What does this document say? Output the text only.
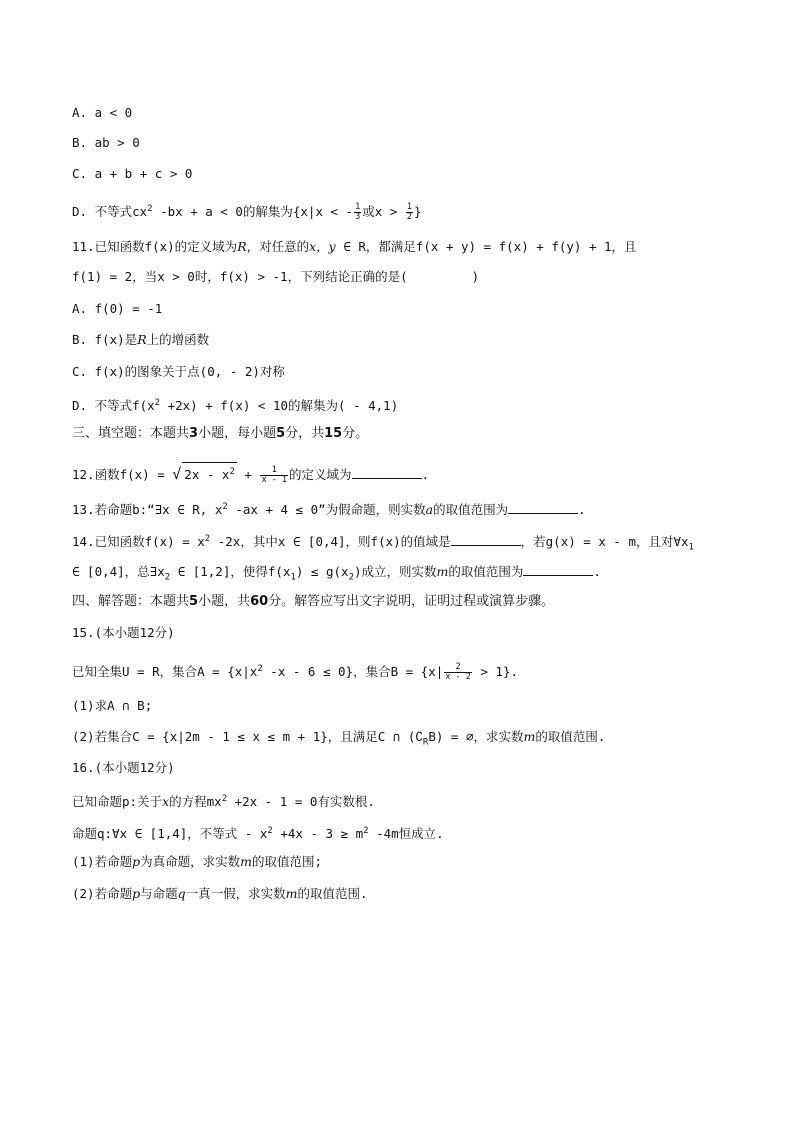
A. a < 0
B. ab > 0
C. a + b + c > 0
D. 不等式$cx^2$ -bx + a < 0的解集为{x|x < - $\frac{1}{3}$ 或$x > \frac{1}{2}$ }
11.已知函数f(x)的定义域为R，对任意的x，y ∈ R，都满足f(x + y) = f(x) + f(y) + 1，且
f(1) = 2，当x > 0时，f(x) > -1，下列结论正确的是(	)
A. f(0) = -1
B. f(x)是R上的增函数
C. f(x)的图象关于点(0, - 2)对称
D. 不等式$f(x^2 +2x) + f(x) < 10$的解集为( - 4,1)
三、填空题：本题共3小题，每小题5分，共15分。
12.函数f(x) = √ $2x - x^2 + \frac{1}{x - 1}$ 的定义域为	.
13.若命题b:“∃x ∈ R, $x^2$ -ax + 4 ≤ 0”为假命题，则实数a的取值范围为	.
14.已知函数$f(x) = x^2$ -2x，其中x ∈ [0,4]，则f(x)的值域是	，若g(x) = x - m，且对$\forall x_1$
∈ [0,4]，总$\exists x_2$ ∈ [1,2]，使得$f(x_1) \le g(x_2)$成立，则实数m的取值范围为	.
四、解答题：本题共5小题，共60分。解答应写出文字说明，证明过程或演算步骤。
15.(本小题12分)
已知全集U = R，集合$A = \{x|x^2$ -x - 6 ≤ 0}，集合$B = \{x| \frac{2}{x - 2} > 1\}$.
(1)求A ∩ B;
(2)若集合C = {x|2m - 1 ≤ x ≤ m + 1}，且满足C ∩ $(∁_RB)$ = ∅，求实数m的取值范围.
16.(本小题12分)
已知命题p:关于x的方程$mx^2 +2x - 1 = 0$有实数根.
命题q:∀x ∈ [1,4]，不等式 - $x^2 +4x - 3 \ge m^2$ -4m恒成立.
(1)若命题p为真命题，求实数m的取值范围;
(2)若命题p与命题q一真一假，求实数m的取值范围.
